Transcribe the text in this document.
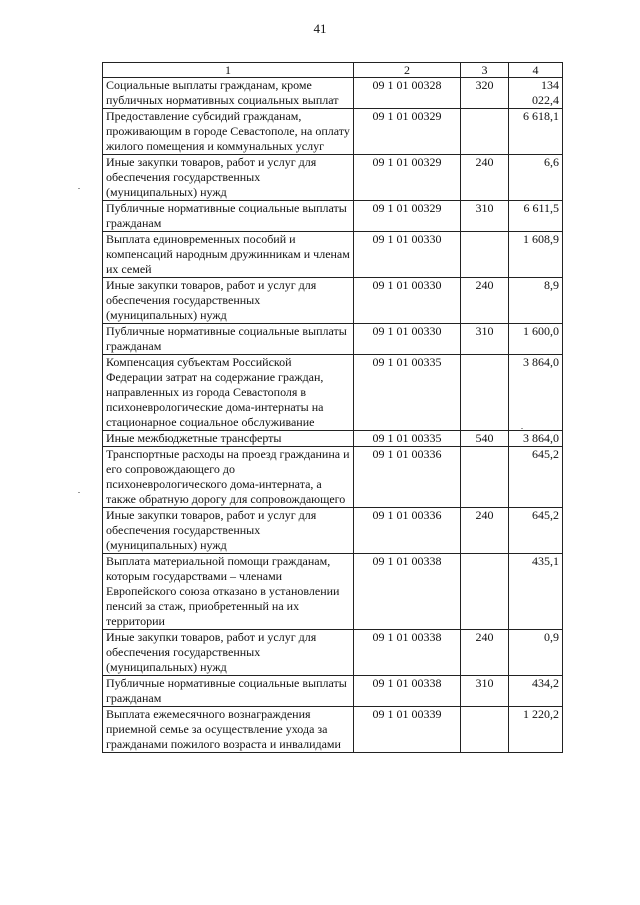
41
1	2	3	4
Социальные выплаты гражданам, кроме публичных нормативных социальных выплат	09 1 01 00328	320	134 022,4
Предоставление субсидий гражданам, проживающим в городе Севастополе, на оплату жилого помещения и коммунальных услуг	09 1 01 00329		6 618,1
Иные закупки товаров, работ и услуг для обеспечения государственных (муниципальных) нужд	09 1 01 00329	240	6,6
Публичные нормативные социальные выплаты гражданам	09 1 01 00329	310	6 611,5
Выплата единовременных пособий и компенсаций народным дружинникам и членам их семей	09 1 01 00330		1 608,9
Иные закупки товаров, работ и услуг для обеспечения государственных (муниципальных) нужд	09 1 01 00330	240	8,9
Публичные нормативные социальные выплаты гражданам	09 1 01 00330	310	1 600,0
Компенсация субъектам Российской Федерации затрат на содержание граждан, направленных из города Севастополя в психоневрологические дома-интернаты на стационарное социальное обслуживание	09 1 01 00335		3 864,0
Иные межбюджетные трансферты	09 1 01 00335	540	3 864,0
Транспортные расходы на проезд гражданина и его сопровождающего до психоневрологического дома-интерната, а также обратную дорогу для сопровождающего	09 1 01 00336		645,2
Иные закупки товаров, работ и услуг для обеспечения государственных (муниципальных) нужд	09 1 01 00336	240	645,2
Выплата материальной помощи гражданам, которым государствами – членами Европейского союза отказано в установлении пенсий за стаж, приобретенный на их территории	09 1 01 00338		435,1
Иные закупки товаров, работ и услуг для обеспечения государственных (муниципальных) нужд	09 1 01 00338	240	0,9
Публичные нормативные социальные выплаты гражданам	09 1 01 00338	310	434,2
Выплата ежемесячного вознаграждения приемной семье за осуществление ухода за гражданами пожилого возраста и инвалидами	09 1 01 00339		1 220,2
